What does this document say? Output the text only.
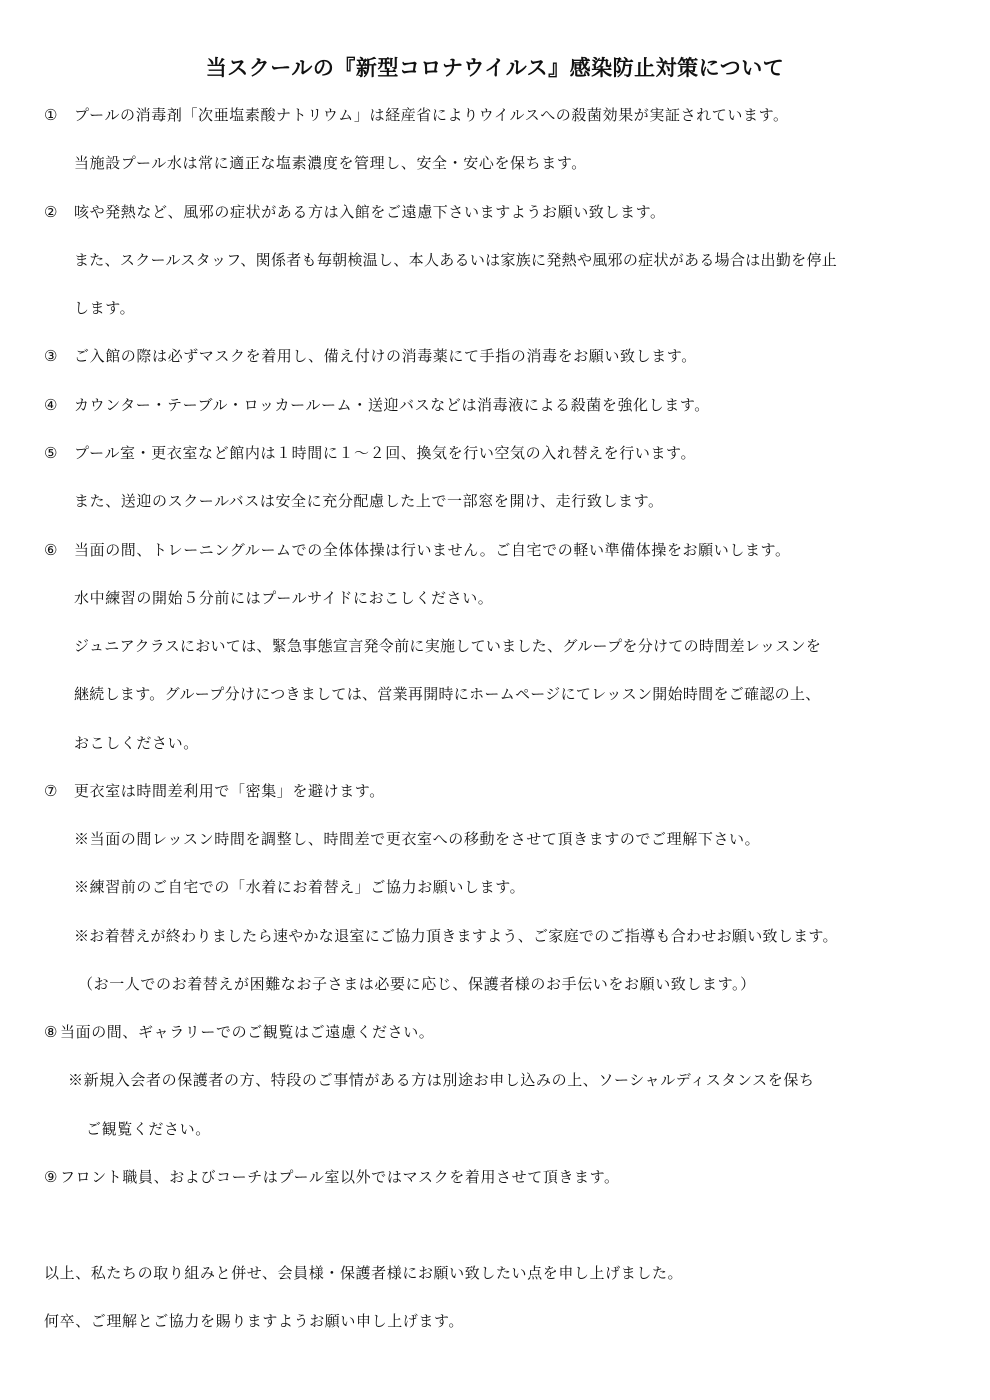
当スクールの『新型コロナウイルス』感染防止対策について
① プールの消毒剤「次亜塩素酸ナトリウム」は経産省によりウイルスへの殺菌効果が実証されています。
当施設プール水は常に適正な塩素濃度を管理し、安全・安心を保ちます。
② 咳や発熱など、風邪の症状がある方は入館をご遠慮下さいますようお願い致します。
また、スクールスタッフ、関係者も毎朝検温し、本人あるいは家族に発熱や風邪の症状がある場合は出勤を停止
します。
③ ご入館の際は必ずマスクを着用し、備え付けの消毒薬にて手指の消毒をお願い致します。
④ カウンター・テーブル・ロッカールーム・送迎バスなどは消毒液による殺菌を強化します。
⑤ プール室・更衣室など館内は１時間に１～２回、換気を行い空気の入れ替えを行います。
また、送迎のスクールバスは安全に充分配慮した上で一部窓を開け、走行致します。
⑥ 当面の間、トレーニングルームでの全体体操は行いません。ご自宅での軽い準備体操をお願いします。
水中練習の開始５分前にはプールサイドにおこしください。
ジュニアクラスにおいては、緊急事態宣言発令前に実施していました、グループを分けての時間差レッスンを
継続します。グループ分けにつきましては、営業再開時にホームページにてレッスン開始時間をご確認の上、
おこしください。
⑦ 更衣室は時間差利用で「密集」を避けます。
※当面の間レッスン時間を調整し、時間差で更衣室への移動をさせて頂きますのでご理解下さい。
※練習前のご自宅での「水着にお着替え」ご協力お願いします。
※お着替えが終わりましたら速やかな退室にご協力頂きますよう、ご家庭でのご指導も合わせお願い致します。
（お一人でのお着替えが困難なお子さまは必要に応じ、保護者様のお手伝いをお願い致します。）
⑧ 当面の間、ギャラリーでのご観覧はご遠慮ください。
※新規入会者の保護者の方、特段のご事情がある方は別途お申し込みの上、ソーシャルディスタンスを保ち
ご観覧ください。
⑨ フロント職員、およびコーチはプール室以外ではマスクを着用させて頂きます。
以上、私たちの取り組みと併せ、会員様・保護者様にお願い致したい点を申し上げました。
何卒、ご理解とご協力を賜りますようお願い申し上げます。
